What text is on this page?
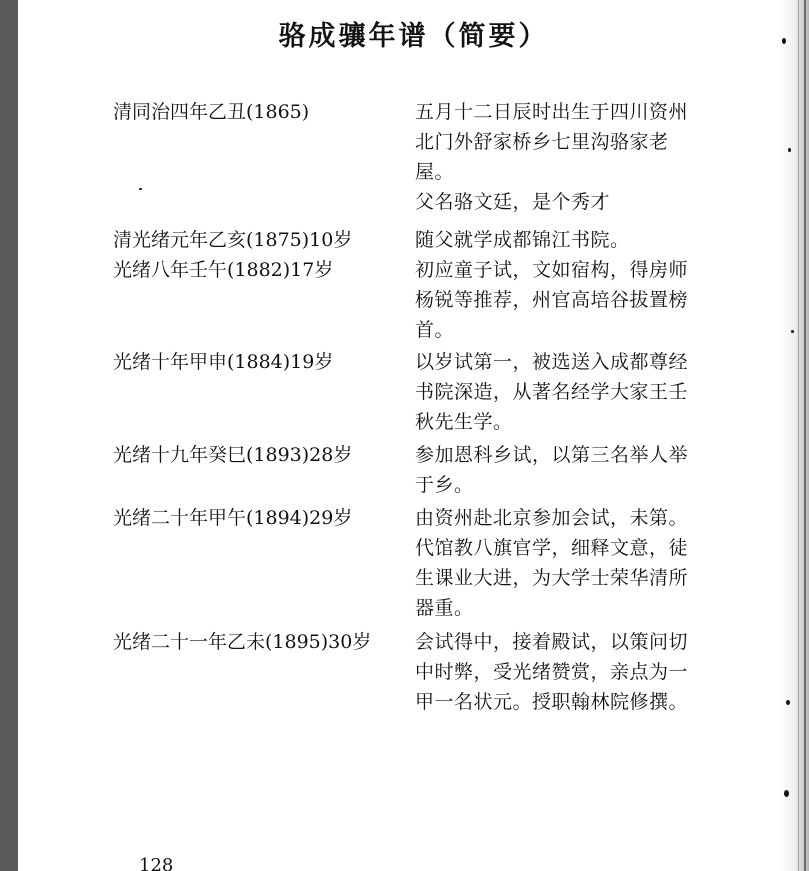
骆成骧年谱（简要）
清同治四年乙丑(1865)	五月十二日辰时出生于四川资州北门外舒家桥乡七里沟骆家老屋。
父名骆文廷，是个秀才
清光绪元年乙亥(1875)10岁	随父就学成都锦江书院。
光绪八年壬午(1882)17岁	初应童子试，文如宿构，得房师杨锐等推荐，州官高培谷拔置榜首。
光绪十年甲申(1884)19岁	以岁试第一，被选送入成都尊经书院深造，从著名经学大家王壬秋先生学。
光绪十九年癸巳(1893)28岁	参加恩科乡试，以第三名举人举于乡。
光绪二十年甲午(1894)29岁	由资州赴北京参加会试，未第。代馆教八旗官学，细释文意，徒生课业大进，为大学士荣华清所器重。
光绪二十一年乙未(1895)30岁 会试得中，接着殿试，以策问切中时弊，受光绪赞赏，亲点为一甲一名状元。授职翰林院修撰。
128
